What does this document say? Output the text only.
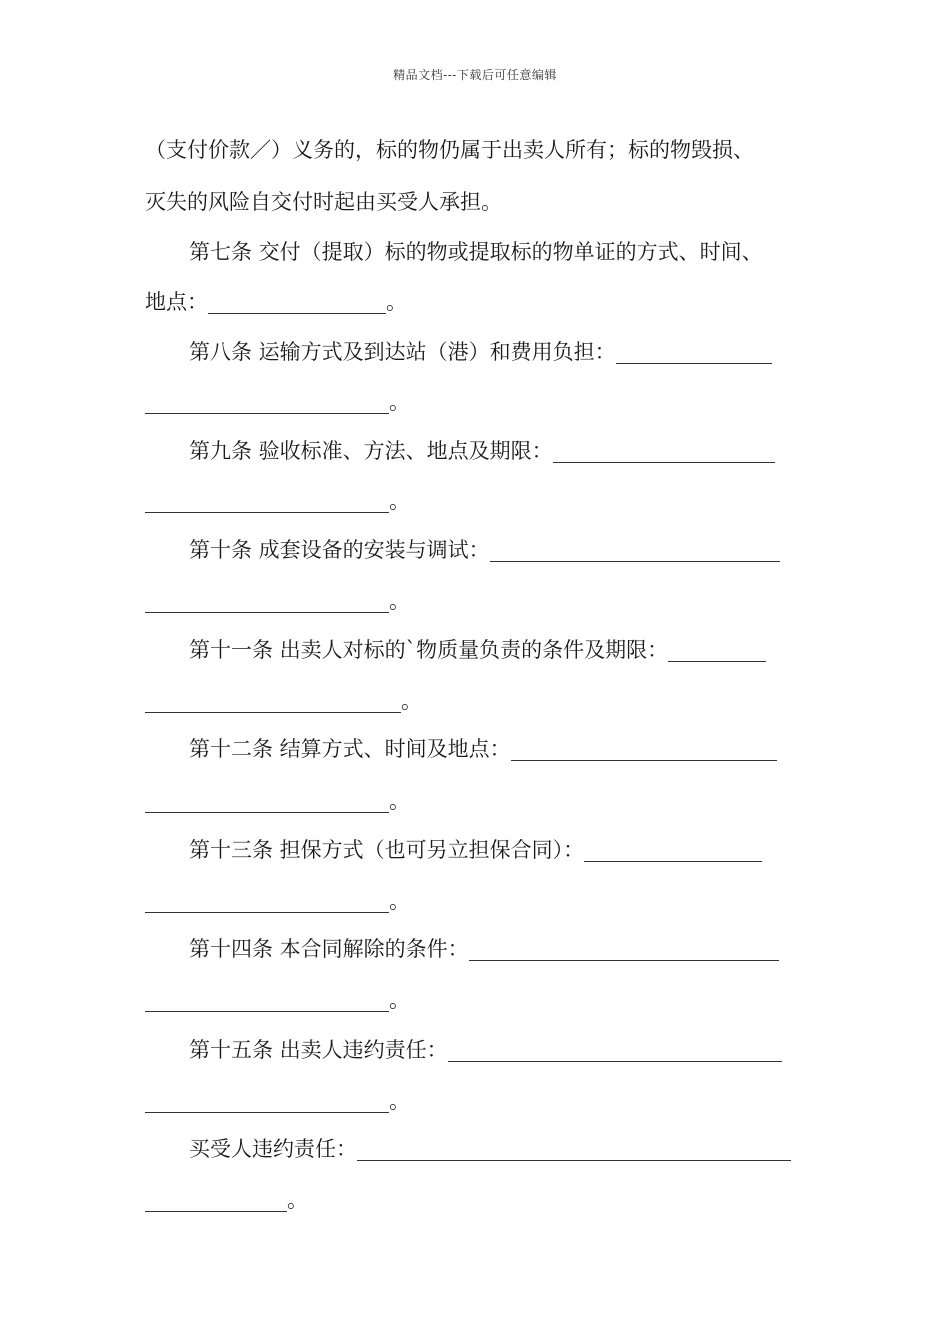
精品文档---下载后可任意编辑
（支付价款／）义务的，标的物仍属于出卖人所有；标的物毁损、
灭失的风险自交付时起由买受人承担。
第七条 交付（提取）标的物或提取标的物单证的方式、时间、
地点：	。
第八条 运输方式及到达站（港）和费用负担：
。
第九条 验收标准、方法、地点及期限：
。
第十条 成套设备的安装与调试：
。
第十一条 出卖人对标的`物质量负责的条件及期限：
。
第十二条 结算方式、时间及地点：
。
第十三条 担保方式（也可另立担保合同）：
。
第十四条 本合同解除的条件：
。
第十五条 出卖人违约责任：
。
买受人违约责任：
。
